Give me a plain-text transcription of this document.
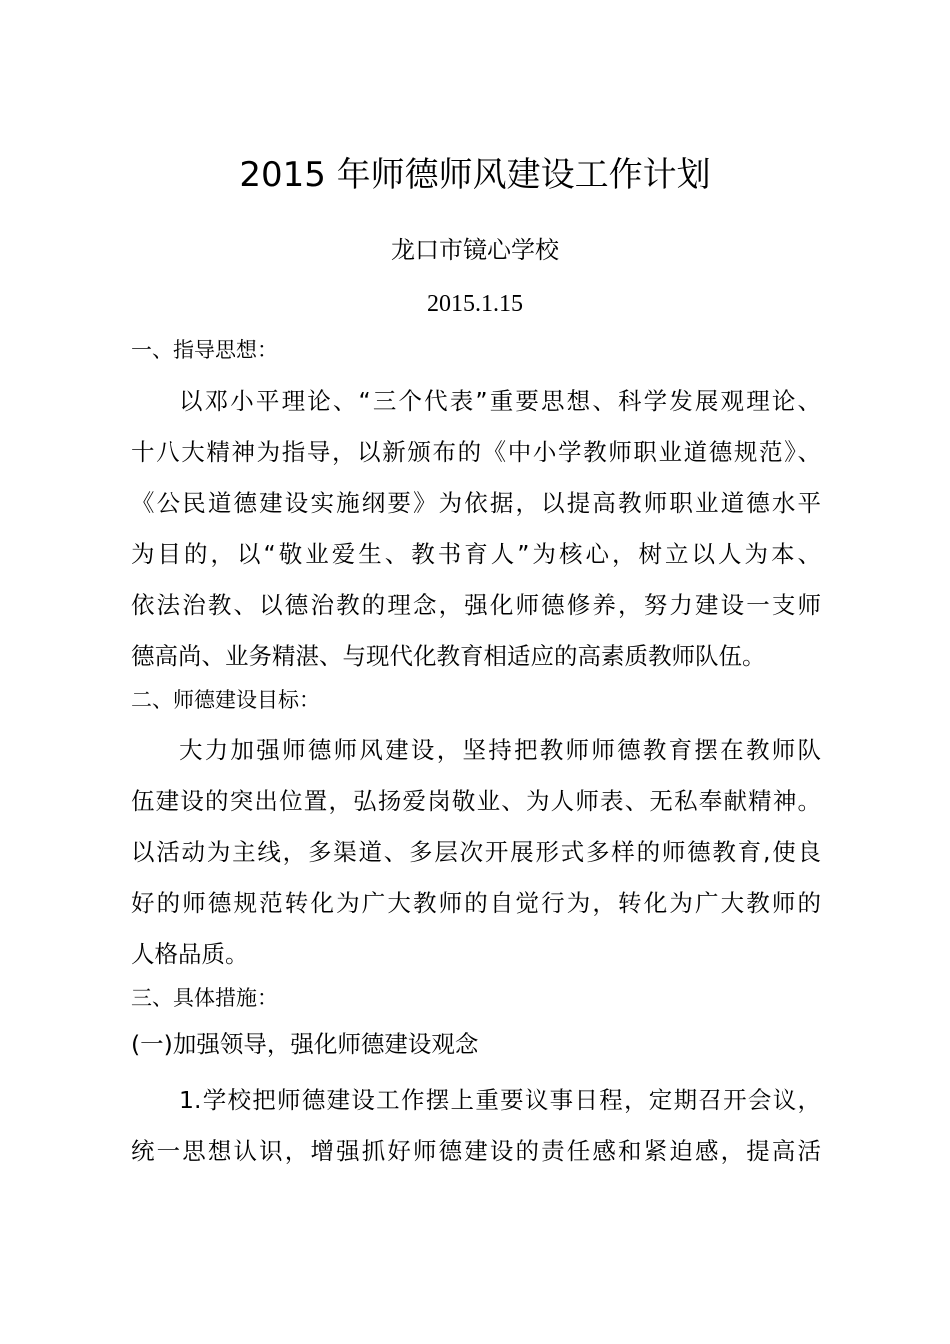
2015 年师德师风建设工作计划
龙口市镜心学校
2015.1.15
一、指导思想：
以邓小平理论、“三个代表”重要思想、科学发展观理论、
十八大精神为指导，以新颁布的《中小学教师职业道德规范》、
《公民道德建设实施纲要》为依据，以提高教师职业道德水平
为目的，以“敬业爱生、教书育人”为核心，树立以人为本、
依法治教、以德治教的理念，强化师德修养，努力建设一支师
德高尚、业务精湛、与现代化教育相适应的高素质教师队伍。
二、师德建设目标：
大力加强师德师风建设，坚持把教师师德教育摆在教师队
伍建设的突出位置，弘扬爱岗敬业、为人师表、无私奉献精神。
以活动为主线，多渠道、多层次开展形式多样的师德教育,使良
好的师德规范转化为广大教师的自觉行为，转化为广大教师的
人格品质。
三、具体措施：
(一)加强领导，强化师德建设观念
1.学校把师德建设工作摆上重要议事日程，定期召开会议，
统一思想认识，增强抓好师德建设的责任感和紧迫感，提高活
